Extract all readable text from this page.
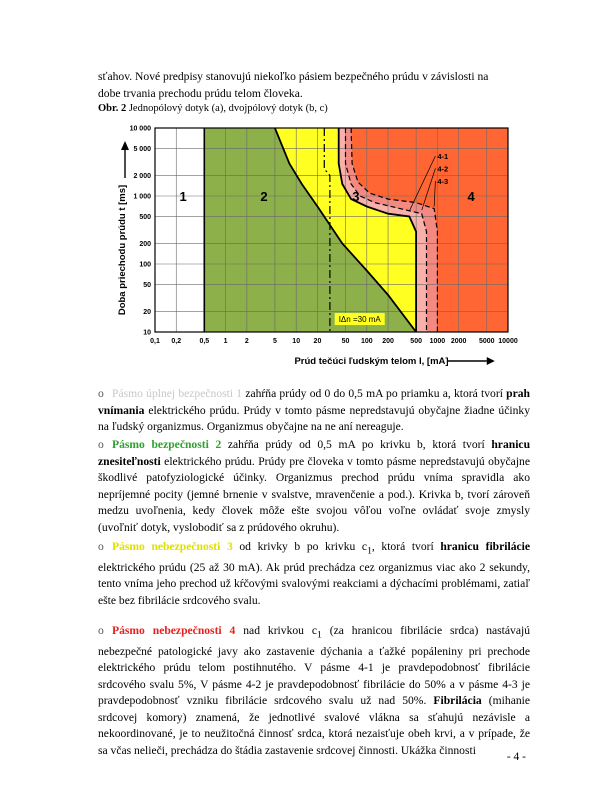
sťahov. Nové predpisy stanovujú niekoľko pásiem bezpečného prúdu v závislosti na
dobe trvania prechodu prúdu telom človeka.

Obr. 2 Jednopólový dotyk (a), dvojpólový dotyk (b, c)
0,1 0,2	0,5 1 2	5 10 20	50 100 200 500 1000 2000 5000 10000
10
20
50
100
200
500
1 000
2 000
5 000
10 000
1	2	3	4
4-1
4-2
4-3
IΔn =30 mA
Prúd tečúci ľudským telom I, [mA]
Doba priechodu prúdu t [ms]

o Pásmo úplnej bezpečnosti 1 zahŕňa prúdy od 0 do 0,5 mA po priamku a, ktorá tvorí prah vnímania elektrického prúdu. Prúdy v tomto pásme nepredstavujú obyčajne žiadne účinky na ľudský organizmus. Organizmus obyčajne na ne aní nereaguje.

o Pásmo bezpečnosti 2 zahŕňa prúdy od 0,5 mA po krivku b, ktorá tvorí hranicu znesiteľnosti elektrického prúdu. Prúdy pre človeka v tomto pásme nepredstavujú obyčajne škodlivé patofyziologické účinky. Organizmus prechod prúdu vníma spravidla ako nepríjemné pocity (jemné brnenie v svalstve, mravenčenie a pod.). Krivka b, tvorí zároveň medzu uvoľnenia, kedy človek môže ešte svojou vôľou voľne ovládať svoje zmysly (uvoľniť dotyk, vyslobodiť sa z prúdového okruhu).

o Pásmo nebezpečnosti 3 od krivky b po krivku $c_1$, ktorá tvorí hranicu fibrilácie elektrického prúdu (25 až 30 mA). Ak prúd prechádza cez organizmus viac ako 2 sekundy, tento vníma jeho prechod už kŕčovými svalovými reakciami a dýchacími problémami, zatiaľ ešte bez fibrilácie srdcového svalu.

o Pásmo nebezpečnosti 4 nad krivkou $c_1$ (za hranicou fibrilácie srdca) nastávajú nebezpečné patologické javy ako zastavenie dýchania a ťažké popáleniny pri prechode elektrického prúdu telom postihnutého. V pásme 4-1 je pravdepodobnosť fibrilácie srdcového svalu 5%, V pásme 4-2 je pravdepodobnosť fibrilácie do 50% a v pásme 4-3 je pravdepodobnosť vzniku fibrilácie srdcového svalu už nad 50%. Fibrilácia (mihanie srdcovej komory) znamená, že jednotlivé svalové vlákna sa sťahujú nezávisle a nekoordinované, je to neužitočná činnosť srdca, ktorá nezaisťuje obeh krvi, a v prípade, že sa včas nelieči, prechádza do štádia zastavenie srdcovej činnosti. Ukážka činnosti

- 4 -
